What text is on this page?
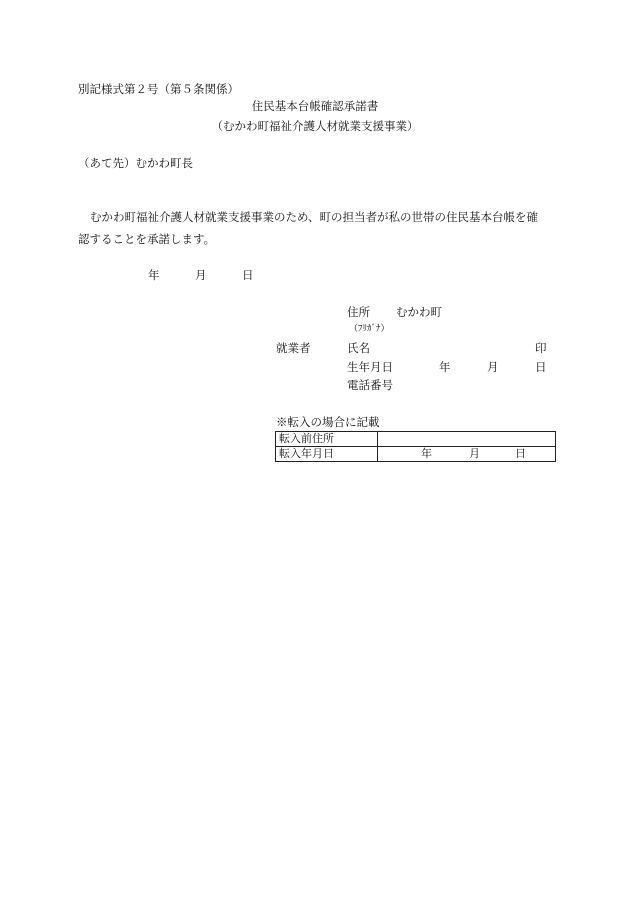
別記様式第２号（第５条関係）
住民基本台帳確認承諾書
（むかわ町福祉介護人材就業支援事業）
（あて先）むかわ町長
むかわ町福祉介護人材就業支援事業のため、町の担当者が私の世帯の住民基本台帳を確
認することを承諾します。
年	月	日
住所 むかわ町
（ﾌﾘｶﾞﾅ）
就業者	氏名	印
生年月日	年	月	日
電話番号
※転入の場合に記載
転入前住所	
転入年月日	年 月 日
